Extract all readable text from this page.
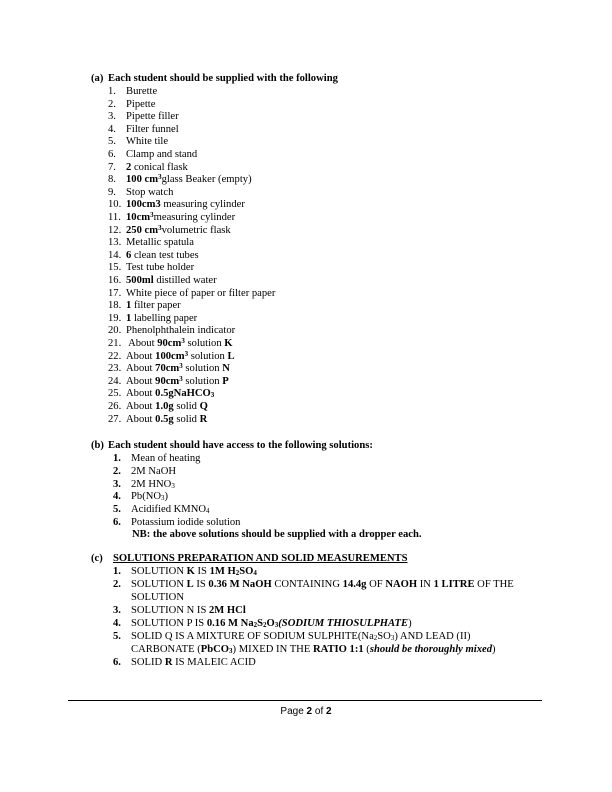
(a) Each student should be supplied with the following
1. Burette
2. Pipette
3. Pipette filler
4. Filter funnel
5. White tile
6. Clamp and stand
7. 2 conical flask
8. 100 $cm^3glass$ Beaker (empty)
9. Stop watch
10. 100cm3 measuring cylinder
11. $10cm^3measuring$ cylinder
12. 250 $cm^3volumetric$ flask
13. Metallic spatula
14. 6 clean test tubes
15. Test tube holder
16. 500ml distilled water
17. White piece of paper or filter paper
18. 1 filter paper
19. 1 labelling paper
20. Phenolphthalein indicator
21. About $90cm^3$ solution K
22. About $100cm^3$ solution L
23. About $70cm^3$ solution N
24. About $90cm^3$ solution P
25. About 0.5gNaHCO$_3$
26. About 1.0g solid Q
27. About 0.5g solid R
(b) Each student should have access to the following solutions:
1. Mean of heating
2. 2M NaOH
3. 2M $HNO_3$
4. $Pb(NO_3)$
5. Acidified $KMNO_4$
6. Potassium iodide solution
NB: the above solutions should be supplied with a dropper each.
(c) SOLUTIONS PREPARATION AND SOLID MEASUREMENTS
1. SOLUTION K IS 1M $H_2SO_4$
2. SOLUTION L IS 0.36 M NaOH CONTAINING 14.4g OF NAOH IN 1 LITRE OF THE
SOLUTION
3. SOLUTION N IS 2M HCl
4. SOLUTION P IS 0.16 M $Na_2S_2O_3(SODIUM$ THIOSULPHATE)
5. SOLID Q IS A MIXTURE OF SODIUM $SULPHITE(Na_2SO_3)$ AND LEAD (II)
CARBONATE (PbCO$_3$) MIXED IN THE RATIO 1:1 (should be thoroughly mixed)
6. SOLID R IS MALEIC ACID
Page 2 of 2
